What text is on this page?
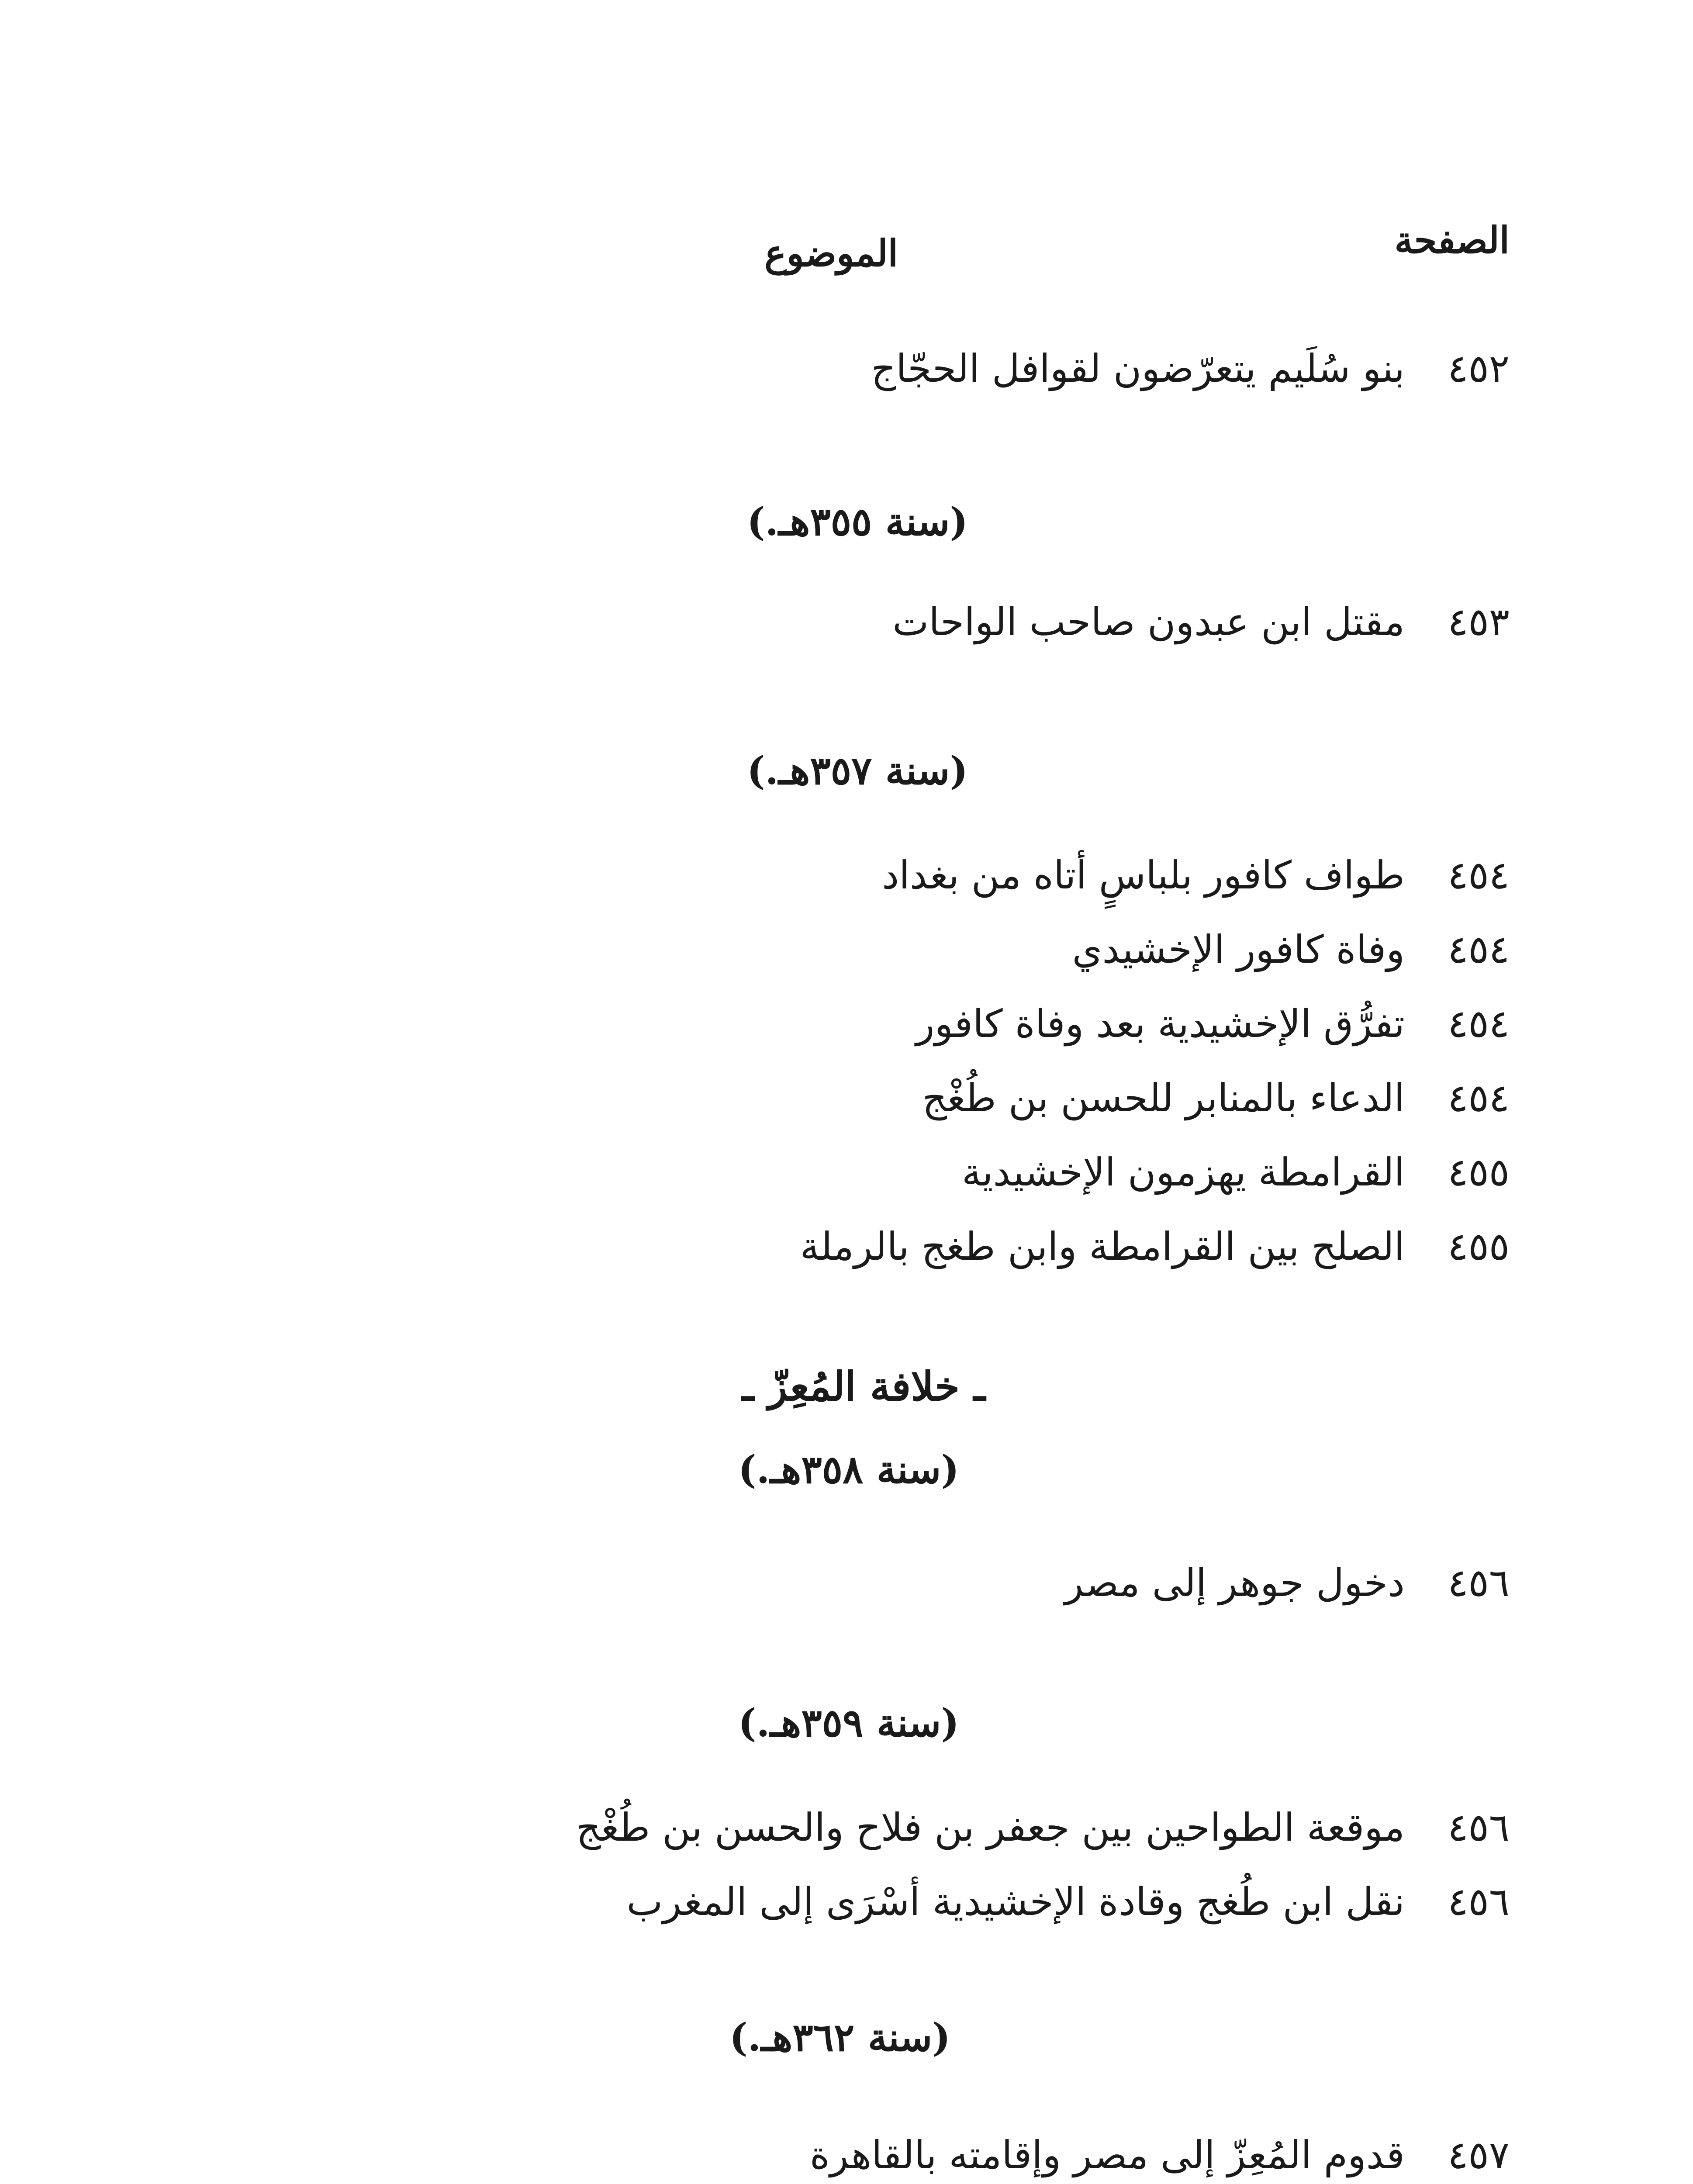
الصفحة
الموضوع
٤٥٢بنو سُلَيم يتعرّضون لقوافل الحجّاج
(سنة ٣٥٥هـ.)
٤٥٣مقتل ابن عبدون صاحب الواحات
(سنة ٣٥٧هـ.)
٤٥٤طواف كافور بلباسٍ أتاه من بغداد
٤٥٤وفاة كافور الإخشيدي
٤٥٤تفرُّق الإخشيدية بعد وفاة كافور
٤٥٤الدعاء بالمنابر للحسن بن طُغْج
٤٥٥القرامطة يهزمون الإخشيدية
٤٥٥الصلح بين القرامطة وابن طغج بالرملة
ـ خلافة المُعِزّ ـ
(سنة ٣٥٨هـ.)
٤٥٦دخول جوهر إلى مصر
(سنة ٣٥٩هـ.)
٤٥٦موقعة الطواحين بين جعفر بن فلاح والحسن بن طُغْج
٤٥٦نقل ابن طُغج وقادة الإخشيدية أسْرَى إلى المغرب
(سنة ٣٦٢هـ.)
٤٥٧قدوم المُعِزّ إلى مصر وإقامته بالقاهرة
